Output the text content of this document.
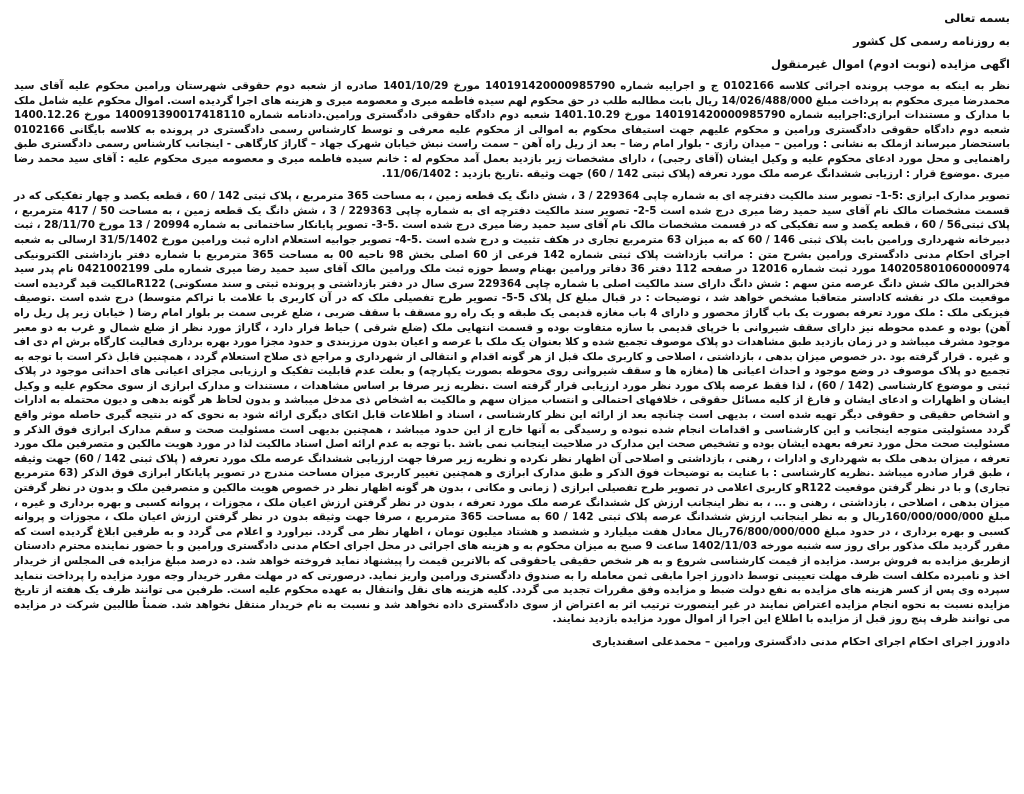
بسمه تعالی
به روزنامه رسمی کل کشور
اگهی مزایده (نوبت ادوم) اموال غیرمنقول

نظر به اینکه به موجب پرونده اجرائی کلاسه 0102166 ج و اجراییه شماره 140191420000985790 مورخ 1401/10/29 صادره از شعبه دوم حقوقی شهرستان ورامین محکوم علیه آقای سید محمدرضا میری محکوم به پرداخت مبلغ 14/026/488/000 ریال بابت مطالبه طلب در حق محکوم لهم سیده فاطمه میری و معصومه میری و هزینه های اجرا گردیده است. اموال محکوم علیه شامل ملک با مدارک و مستندات ابرازی:اجراییه شماره 140191420000985790 مورخ 1401.10.29 شعبه دوم دادگاه حقوقی دادگستری ورامین.دادنامه شماره 140091390017418110 مورخ 1400.12.26 شعبه دوم دادگاه حقوقی دادگستری ورامین و محکوم علیهم جهت استیفای محکوم به اموالی از محکوم علیه معرفی و توسط کارشناس رسمی دادگستری در پرونده به کلاسه بایگانی 0102166 باستحضار میرساند ازملک به نشانی : ورامین – میدان رازی - بلوار امام رضا – بعد از ریل راه آهن – سمت راست نبش خیابان شهرک جهاد – گاراژ کارگاهی - اینجانب کارشناس رسمی دادگستری طبق راهنمایی و محل مورد ادعای محکوم علیه و وکیل ایشان (آقای رجبی) ، دارای مشخصات زیر بازدید بعمل آمد محکوم له : خانم سیده فاطمه میری و معصومه میری محکوم علیه : آقای سید محمد رضا میری .موضوع قرار : ارزیابی ششدانگ عرصه ملک مورد تعرفه (پلاک ثبتی 142 / 60) جهت وثیقه .تاریخ بازدید : 11/06/1402.

تصویر مدارک ابرازی :5-1- تصویر سند مالکیت دفترچه ای به شماره چاپی 229364 / 3 ، شش دانگ یک قطعه زمین ، به مساحت 365 مترمربع ، پلاک ثبتی 142 / 60 ، قطعه یکصد و چهار تفکیکی که در قسمت مشخصات مالک نام آقای سید حمید رضا میری درج شده است 5-2- تصویر سند مالکیت دفترچه ای به شماره چاپی 229363 / 3 ، شش دانگ یک قطعه زمین ، به مساحت 50 / 417 مترمربع ، پلاک ثبتی56 / 60 ، قطعه یکصد و سه تفکیکی که در قسمت مشخصات مالک نام آقای سید حمید رضا میری درج شده است .5-3- تصویر پایانکار ساختمانی به شماره 20994 / 13 مورخ 28/11/70 ، ثبت دبیرخانه شهرداری ورامین بابت پلاک ثبتی 146 / 60 که به میزان 63 مترمربع تجاری در هکف تثبیت و درج شده است .5-4- تصویر جوابیه استعلام اداره ثبت ورامین مورخ 31/5/1402 ارسالی به شعبه اجرای احکام مدنی دادگستری ورامین بشرح متن : مراتب بازداشت پلاک ثبتی شماره 142 فرعی از 60 اصلی بخش 98 ناحیه 00 به مساحت 365 مترمربع با شماره دفتر بازداشتی الکترونیکی 140205801060000974 مورد ثبت شماره 12016 در صفحه 112 دفتر 36 دفاتر ورامین بهنام وسط حوزه ثبت ملک ورامین مالک آقای سید حمید رضا میری شماره ملی 0421002199 نام پدر سید فخرالدین مالک شش دانگ عرصه متن سهم : شش دانگ دارای سند مالکیت اصلی با شماره چاپی 229364 سری سال در دفتر بازداشتی و پرونده ثبتی و سند مسکونی) R122مالکیت قید گردیده است موقعیت ملک در نقشه کاداستر متعاقبا مشخص خواهد شد ، توضیحات : در قبال مبلغ کل پلاک 5-5- تصویر طرح تفصیلی ملک که در آن کاربری با علامت با تراکم متوسط) درج شده است .توصیف فیزیکی ملک : ملک مورد تعرفه بصورت یک باب گاراژ محصور و دارای 4 باب مغازه قدیمی یک طبقه و یک راه رو مسقف با سقف ضربی ، ضلع غربی سمت بر بلوار امام رضا ( خیابان زیر پل ریل راه آهن) بوده و عمده محوطه نیز دارای سقف شیروانی با خرپای قدیمی با سازه متفاوت بوده و قسمت انتهایی ملک (ضلع شرقی ) حیاط فرار دارد ، گاراژ مورد نظر از ضلع شمال و غرب به دو معبر موجود مشرف میباشد و در زمان بازدید طبق مشاهدات دو پلاک موصوف تجمیع شده و کلا بعنوان یک ملک با عرصه و اعیان بدون مرزبندی و حدود مجزا مورد بهره برداری فعالیت کارگاه برش ام دی اف و غیره . قرار گرفته بود .در خصوص میزان بدهی ، بازداشتی ، اصلاحی و کاربری ملک قبل از هر گونه اقدام و انتقالی از شهرداری و مراجع ذی صلاح استعلام گردد ، همچنین قابل ذکر است با توجه به تجمیع دو پلاک موصوف در وضع موجود و احداث اعیانی ها (مغازه ها و سقف شیروانی روی محوطه بصورت یکپارچه) و بعلت عدم قابلیت تفکیک و ارزیابی مجزای اعیانی های احداثی موجود در پلاک ثبتی و موضوع کارشناسی (142 / 60) ، لذا فقط عرصه پلاک مورد نظر مورد ارزیابی قرار گرفته است .نظریه زیر صرفا بر اساس مشاهدات ، مستندات و مدارک ابرازی از سوی محکوم علیه و وکیل ایشان و اظهارات و ادعای ایشان و فارغ از کلیه مسائل حقوقی ، خلافهای احتمالی و انتساب میزان سهم و مالکیت به اشخاص ذی مدخل میباشد و بدون لحاظ هر گونه بدهی و دیون محتمله به ادارات و اشخاص حقیقی و حقوقی دیگر تهیه شده است ، بدیهی است چنانچه بعد از ارائه این نظر کارشناسی ، اسناد و اطلاعات قابل اتکای دیگری ارائه شود به نحوی که در نتیجه گیری حاصله موثر واقع گردد مسئولیتی متوجه اینجانب و این کارشناسی و اقدامات انجام شده نبوده و رسیدگی به آنها خارج از این حدود میباشد ، همچنین بدیهی است مسئولیت صحت و سقم مدارک ابرازی فوق الذکر و مسئولیت صحت محل مورد تعرفه بعهده ایشان بوده و تشخیص صحت این مدارک در صلاحیت اینجانب نمی باشد .با توجه به عدم ارائه اصل اسناد مالکیت لذا در مورد هویت مالکین و متصرفین ملک مورد تعرفه ، میزان بدهی ملک به شهرداری و ادارات ، رهنی ، بازداشتی و اصلاحی آن اظهار نظر نکرده و نظریه زیر صرفا جهت ارزیابی ششدانگ عرصه ملک مورد تعرفه ( پلاک ثبتی 142 / 60) جهت وثیقه ، طبق قرار صادره میباشد .نظریه کارشناسی : با عنایت به توضیحات فوق الذکر و طبق مدارک ابرازی و همچنین تغییر کاربری میزان مساحت مندرج در تصویر پایانکار ابرازی فوق الذکر (63 مترمربع تجاری) و با در نظر گرفتن موقعیت R122و کاربری اعلامی در تصویر طرح تفصیلی ابرازی ( زمانی و مکانی ، بدون هر گونه اظهار نظر در خصوص هویت مالکین و متصرفین ملک و بدون در نظر گرفتن میزان بدهی ، اصلاحی ، بازداشتی ، رهنی و ... ، به نظر اینجانب ارزش کل ششدانگ عرصه ملک مورد تعرفه ، بدون در نظر گرفتن ارزش اعیان ملک ، مجوزات ، پروانه کسبی و بهره برداری و غیره ، مبلغ 160/000/000/000ریال و به نظر اینجانب ارزش ششدانگ عرصه پلاک ثبتی 142 / 60 به مساحت 365 مترمربع ، صرفا جهت وثیقه بدون در نظر گرفتن ارزش اعیان ملک ، مجوزات و پروانه کسبی و بهره برداری ، در حدود مبلغ 76/800/000/000ریال معادل هفت میلیارد و ششصد و هشتاد میلیون تومان ، اظهار نظر می گردد. نیراورد و اعلام می گردد و به طرفین ابلاغ گردیده است که مقرر گردید ملک مذکور برای روز سه شنبه مورخه 1402/11/03 ساعت 9 صبح به میزان محکوم به و هزینه های اجرائی در محل اجرای احکام مدنی دادگستری ورامین و با حضور نماینده محترم دادستان ازطریق مزایده به فروش برسد. مزایده از قیمت کارشناسی شروع و به هر شخص حقیقی یاحقوقی که بالاترین قیمت را پیشنهاد نماید فروخته خواهد شد. ده درصد مبلغ مزایده فی المجلس از خریدار اخذ و نامبرده مکلف است ظرف مهلت تعیینی توسط دادورز اجرا مابقی ثمن معامله را به صندوق دادگستری ورامین واریز نماید. درصورتی که در مهلت مقرر خریدار وجه مورد مزایده را پرداخت ننماید سپرده وی پس از کسر هزینه های مزایده به نفع دولت ضبط و مزایده وفق مقررات تجدید می گردد. کلیه هزینه های نقل وانتقال به عهده محکوم علیه است. طرفین می توانند ظرف یک هفته از تاریخ مزایده نسبت به نحوه انجام مزایده اعتراض نمایند در غیر اینصورت ترتیب اثر به اعتراض از سوی دادگستری داده نخواهد شد و نسبت به نام خریدار منتقل نخواهد شد. ضمناً طالبین شرکت در مزایده می توانند ظرف پنج روز قبل از مزایده با اطلاع این اجرا از اموال مورد مزایده بازدید نمایند.

دادورز اجرای احکام اجرای احکام مدنی دادگستری ورامین – محمدعلی اسفندیاری
